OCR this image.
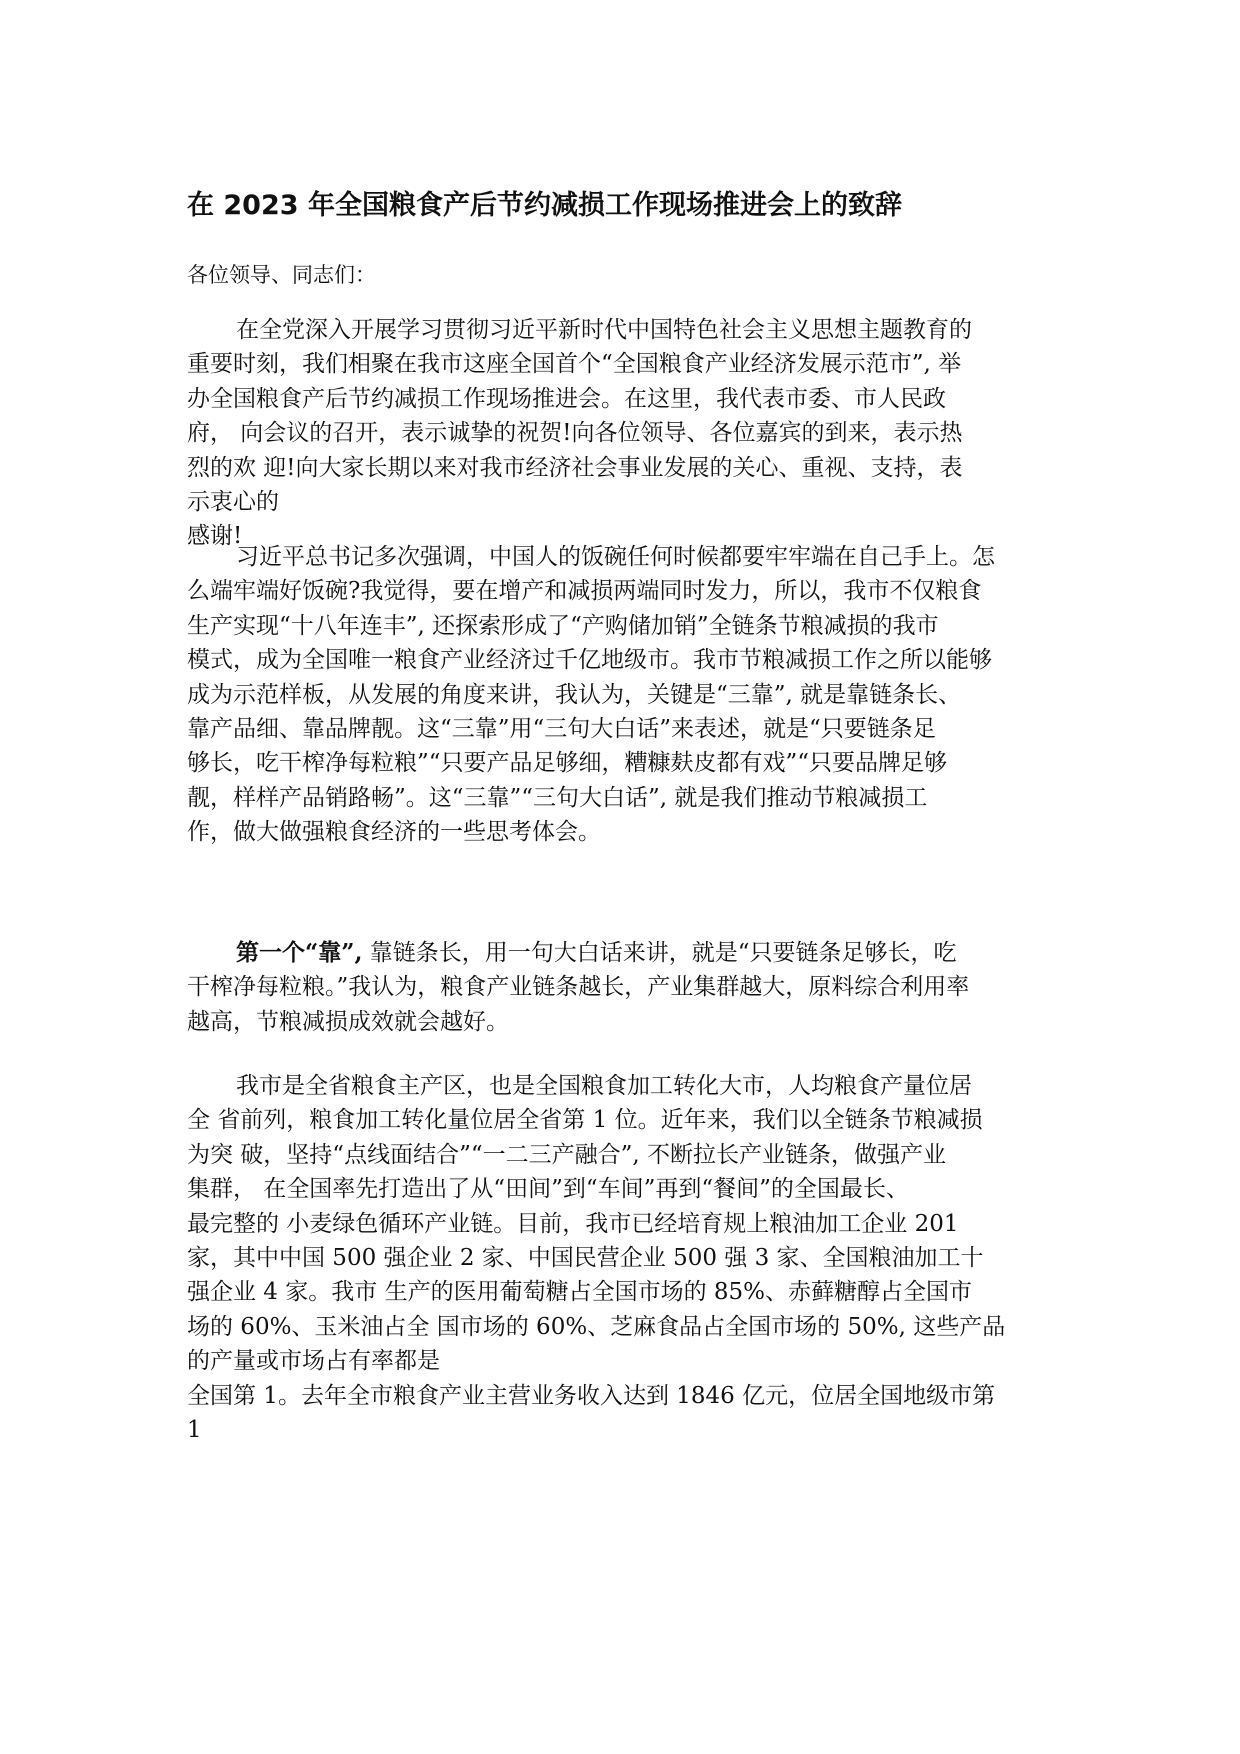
在 2023 年全国粮食产后节约减损工作现场推进会上的致辞
各位领导、同志们：
在全党深入开展学习贯彻习近平新时代中国特色社会主义思想主题教育的
重要时刻，我们相聚在我市这座全国首个“全国粮食产业经济发展示范市”, 举
办全国粮食产后节约减损工作现场推进会。在这里，我代表市委、市人民政
府， 向会议的召开，表示诚挚的祝贺!向各位领导、各位嘉宾的到来，表示热
烈的欢 迎!向大家长期以来对我市经济社会事业发展的关心、重视、支持，表
示衷心的
感谢!
习近平总书记多次强调，中国人的饭碗任何时候都要牢牢端在自己手上。怎
么端牢端好饭碗?我觉得，要在增产和减损两端同时发力，所以，我市不仅粮食
生产实现“十八年连丰”, 还探索形成了“产购储加销”全链条节粮减损的我市
模式，成为全国唯一粮食产业经济过千亿地级市。我市节粮减损工作之所以能够
成为示范样板，从发展的角度来讲，我认为，关键是“三靠”, 就是靠链条长、
靠产品细、靠品牌靓。这“三靠”用“三句大白话”来表述，就是“只要链条足
够长，吃干榨净每粒粮”“只要产品足够细，糟糠麸皮都有戏”“只要品牌足够
靓，样样产品销路畅”。这“三靠”“三句大白话”, 就是我们推动节粮减损工
作，做大做强粮食经济的一些思考体会。
第一个“靠”, 靠链条长，用一句大白话来讲，就是“只要链条足够长，吃
干榨净每粒粮。”我认为，粮食产业链条越长，产业集群越大，原料综合利用率
越高，节粮减损成效就会越好。
我市是全省粮食主产区，也是全国粮食加工转化大市，人均粮食产量位居
全 省前列，粮食加工转化量位居全省第 1 位。近年来，我们以全链条节粮减损
为突 破，坚持“点线面结合”“一二三产融合”, 不断拉长产业链条，做强产业
集群， 在全国率先打造出了从“田间”到“车间”再到“餐间”的全国最长、
最完整的 小麦绿色循环产业链。目前，我市已经培育规上粮油加工企业 201
家，其中中国 500 强企业 2 家、中国民营企业 500 强 3 家、全国粮油加工十
强企业 4 家。我市 生产的医用葡萄糖占全国市场的 85%、赤藓糖醇占全国市
场的 60%、玉米油占全 国市场的 60%、芝麻食品占全国市场的 50%, 这些产品
的产量或市场占有率都是
全国第 1。去年全市粮食产业主营业务收入达到 1846 亿元，位居全国地级市第
1
